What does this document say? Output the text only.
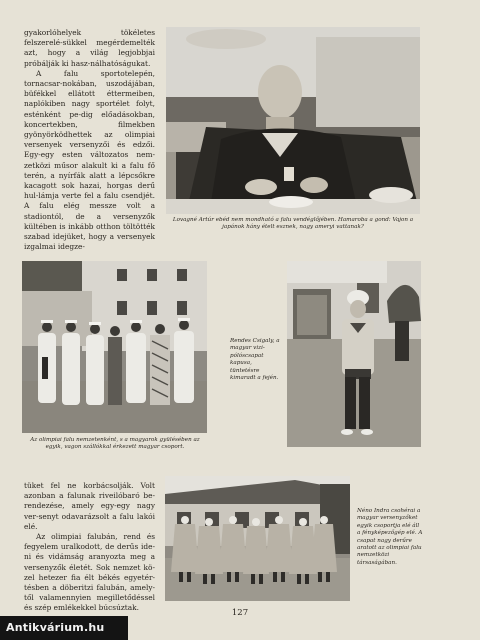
Lovagné Artúr ebéd nem mondható a falu vendéglőjében. Hamaroba a gond: Vajon a japánok hány ételt esznek, nagy ameryi vattanak?

gyakorlóhelyek tökéletes felszerelé-sükkel megérdemelték azt, hogy a világ legjobbjai próbálják ki hasz-nálhatóságukat.

A falu sportotelepén, tornacsar-nokában, uszodájában, büfékkel ellátott éttermeiben, naplókiben nagy sportélet folyt, esténként pe-dig előadásokban, koncertekben, filmekben gyönyörködhettek az olimpiai versenyek versenyzői és edzői. Egy-egy esten változatos nem-zetközi műsor alakult ki a falu fő terén, a nyírfák alatt a lépcsőkre kacagott sok hazai, horgas derű hul-lámja verte fel a falu csendjét. A falu elég messze volt a stadiontól, de a versenyzők kültében is inkább otthon töltötték szabad idejüket, hogy a versenyek izgalmai idegze-

Az olimpiai falu nemzetenként, s a magyarok gyülésében az egyik, vagon szállókkal érkezett magyar csoport.

Rendes Csigaly, a magyar vizi-pólóscsapat kapusa, tüntetésre kimaradt a fején.

tüket fel ne korbácsolják. Volt azonban a falunak riveilóbaró be-rendezése, amely egy-egy nagy ver-senyt odavarázsolt a falu lakói elé.

Az olimpiai falubán, rend és fegyelem uralkodott, de derűs ide-ni és vidámság aranyozta meg a versenyzők életét. Sok nemzet kö-zel hetezer fia élt békés egyetér-tésben a döberitzi falubán, amely-től valamennyien megilletődéssel és szép emlékekkel búcsúztak.

Néno Indra csohérai a magyar versenyzőket egyik csoportja elé áll a fényképezőgép elé. A csapat nagy derűre aratott az olimpiai falu nemzetközi társaságában.

127
Antikvárium.hu
